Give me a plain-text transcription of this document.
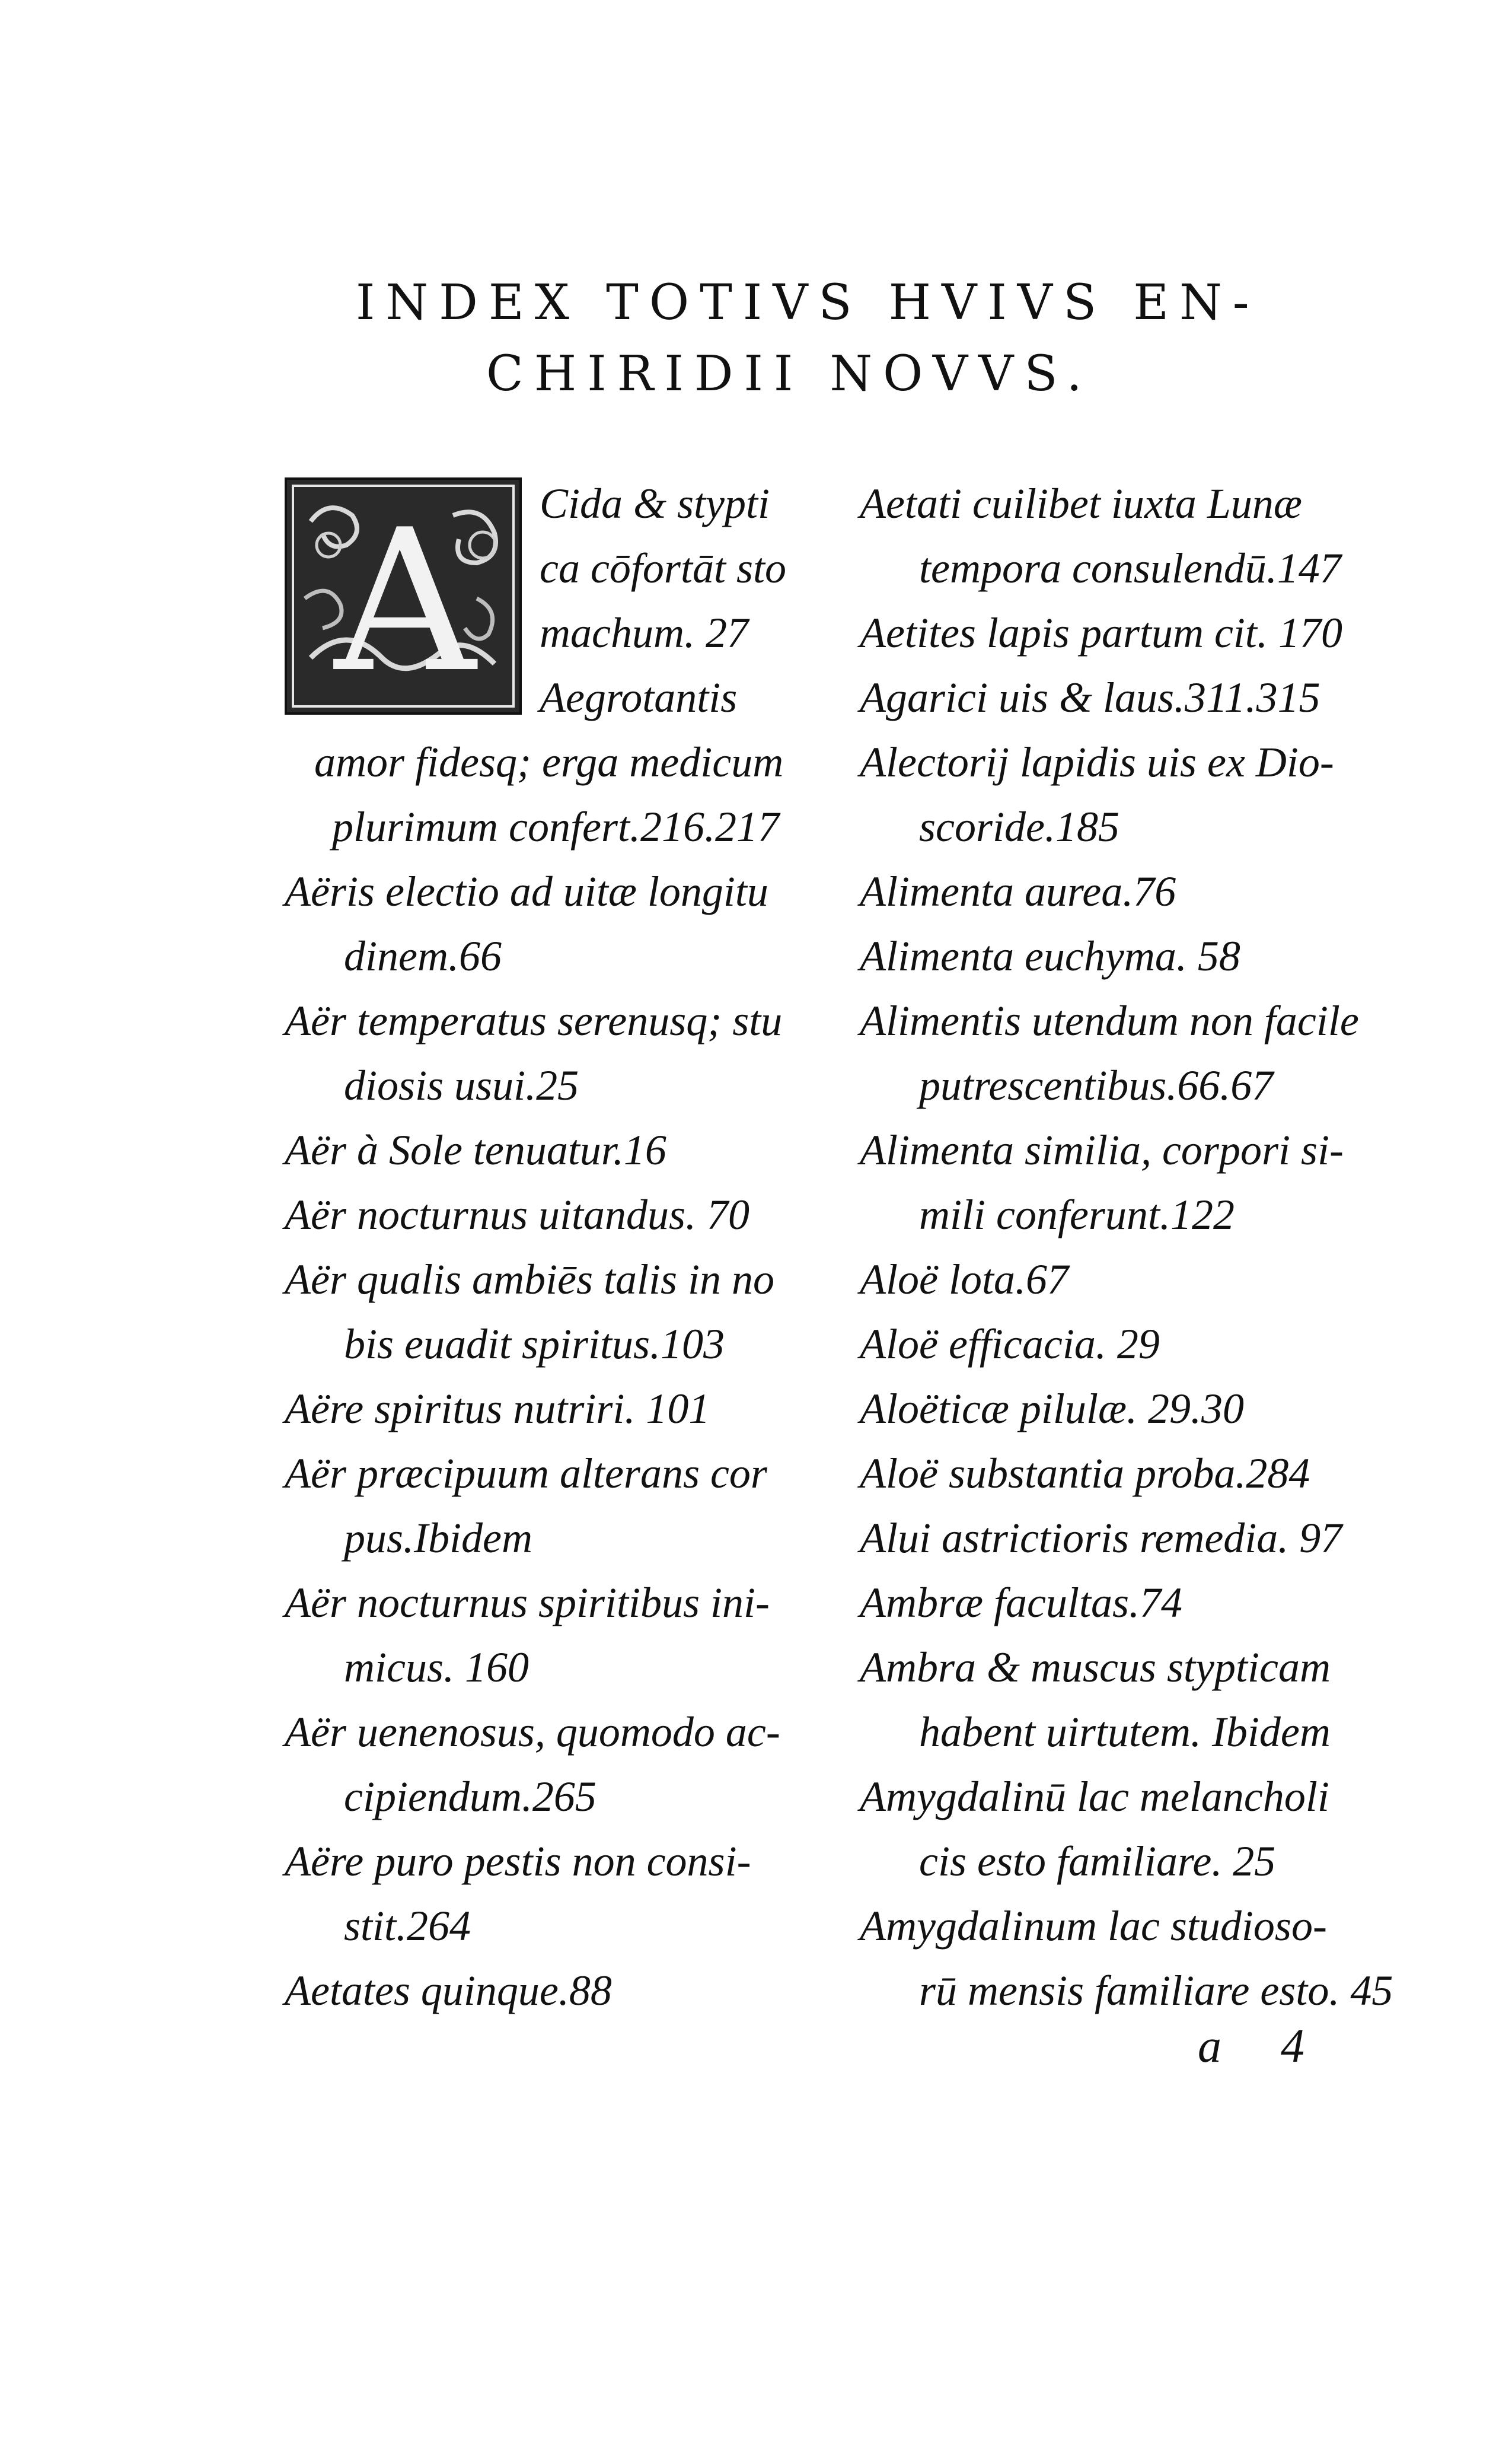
INDEX TOTIVS HVIVS EN-
CHIRIDII NOVVS.
A Cida & stypti
ca cōfortāt sto
machum. 27
Aegrotantis
amor fidesq; erga medicum
plurimum confert.216.217
Aëris electio ad uitæ longitu
dinem.66
Aër temperatus serenusq; stu
diosis usui.25
Aër à Sole tenuatur.16
Aër nocturnus uitandus. 70
Aër qualis ambiēs talis in no
bis euadit spiritus.103
Aëre spiritus nutriri. 101
Aër præcipuum alterans cor
pus.Ibidem
Aër nocturnus spiritibus ini-
micus. 160
Aër uenenosus, quomodo ac-
cipiendum.265
Aëre puro pestis non consi-
stit.264
Aetates quinque.88
Aetati cuilibet iuxta Lunæ
tempora consulendū.147
Aetites lapis partum cit. 170
Agarici uis & laus.311.315
Alectorij lapidis uis ex Dio-
scoride.185
Alimenta aurea.76
Alimenta euchyma. 58
Alimentis utendum non facile
putrescentibus.66.67
Alimenta similia, corpori si-
mili conferunt.122
Aloë lota.67
Aloë efficacia. 29
Aloëticæ pilulæ. 29.30
Aloë substantia proba.284
Alui astrictioris remedia. 97
Ambræ facultas.74
Ambra & muscus stypticam
habent uirtutem. Ibidem
Amygdalinū lac melancholi
cis esto familiare. 25
Amygdalinum lac studioso-
rū mensis familiare esto. 45
a 4
